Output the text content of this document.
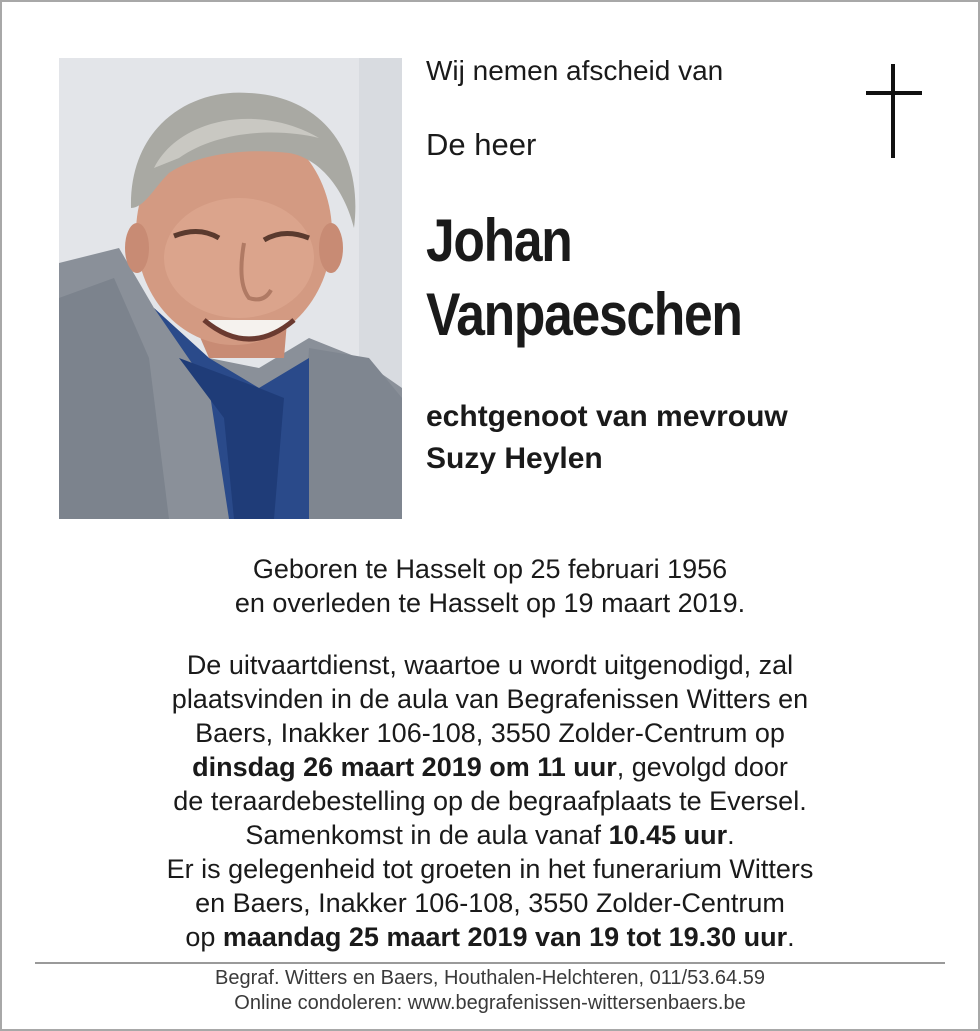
Wij nemen afscheid van
De heer
Johan
Vanpaeschen
echtgenoot van mevrouw
Suzy Heylen

Geboren te Hasselt op 25 februari 1956

en overleden te Hasselt op 19 maart 2019.

De uitvaartdienst, waartoe u wordt uitgenodigd, zal

plaatsvinden in de aula van Begrafenissen Witters en

Baers, Inakker 106-108, 3550 Zolder-Centrum op

dinsdag 26 maart 2019 om 11 uur, gevolgd door

de teraardebestelling op de begraafplaats te Eversel.

Samenkomst in de aula vanaf 10.45 uur.

Er is gelegenheid tot groeten in het funerarium Witters

en Baers, Inakker 106-108, 3550 Zolder-Centrum

op maandag 25 maart 2019 van 19 tot 19.30 uur.

Begraf. Witters en Baers, Houthalen-Helchteren, 011/53.64.59
Online condoleren: www.begrafenissen-wittersenbaers.be
